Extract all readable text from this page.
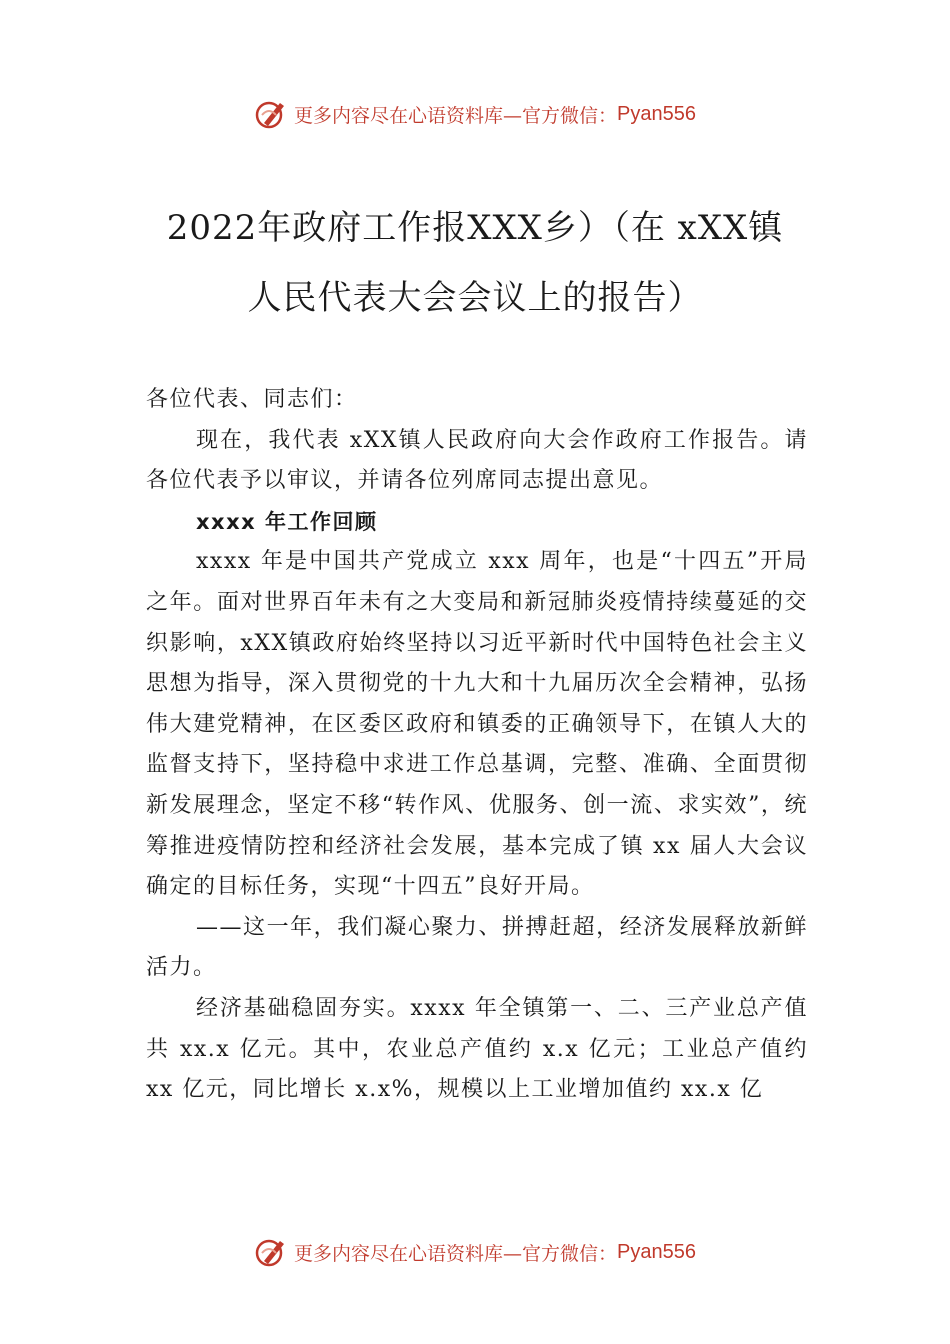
更多内容尽在心语资料库—官方微信： Pyan556
2022年政府工作报XXX乡）（在 xXX镇
人民代表大会会议上的报告）

各位代表、同志们：

现在，我代表 xXX镇人民政府向大会作政府工作报告。请各位代表予以审议，并请各位列席同志提出意见。

xxxx 年工作回顾

xxxx 年是中国共产党成立 xxx 周年，也是“十四五”开局之年。面对世界百年未有之大变局和新冠肺炎疫情持续蔓延的交织影响，xXX镇政府始终坚持以习近平新时代中国特色社会主义思想为指导，深入贯彻党的十九大和十九届历次全会精神，弘扬伟大建党精神，在区委区政府和镇委的正确领导下，在镇人大的监督支持下，坚持稳中求进工作总基调，完整、准确、全面贯彻新发展理念，坚定不移“转作风、优服务、创一流、求实效”，统筹推进疫情防控和经济社会发展，基本完成了镇 xx 届人大会议确定的目标任务，实现“十四五”良好开局。

——这一年，我们凝心聚力、拼搏赶超，经济发展释放新鲜活力。

经济基础稳固夯实。xxxx 年全镇第一、二、三产业总产值共 xx.x 亿元。其中，农业总产值约 x.x 亿元；工业总产值约 xx 亿元，同比增长 x.x%，规模以上工业增加值约 xx.x 亿

更多内容尽在心语资料库—官方微信： Pyan556
